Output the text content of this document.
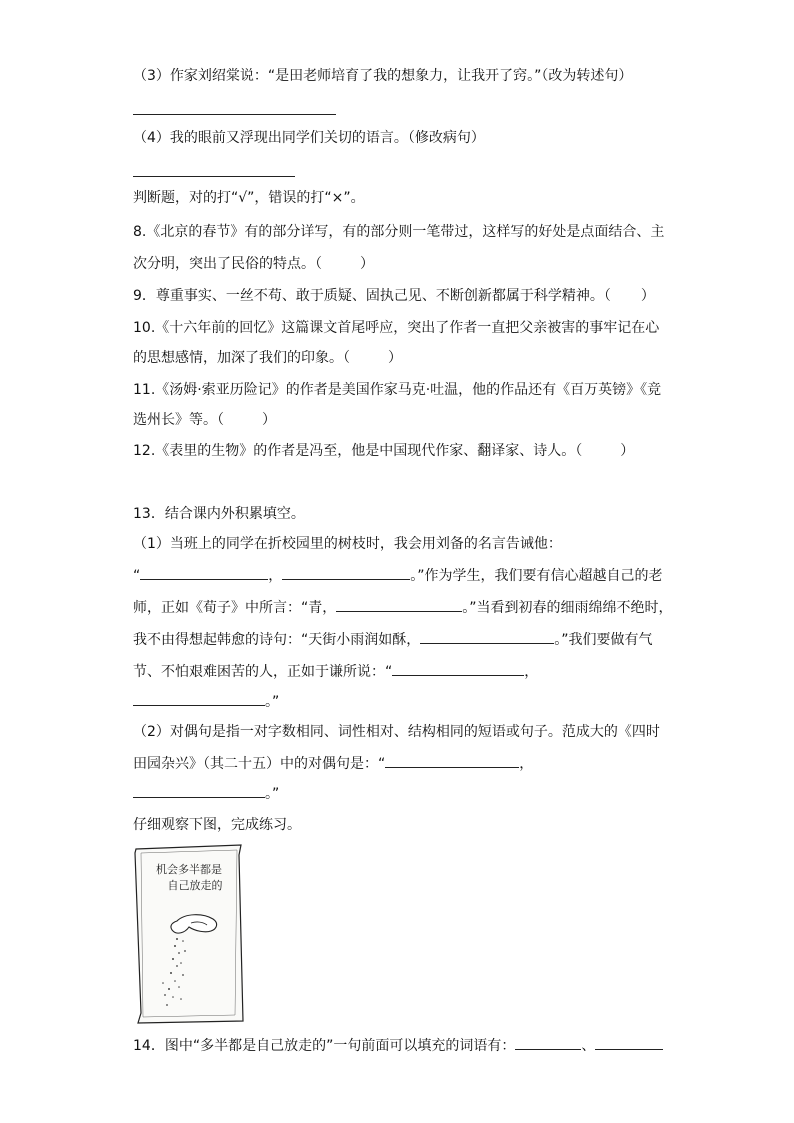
（3）作家刘绍棠说：“是田老师培育了我的想象力，让我开了窍。”（改为转述句）
（4）我的眼前又浮现出同学们关切的语言。（修改病句）
判断题，对的打“√”，错误的打“×”。
8.《北京的春节》有的部分详写，有的部分则一笔带过，这样写的好处是点面结合、主
次分明，突出了民俗的特点。（	）
9．尊重事实、一丝不苟、敢于质疑、固执己见、不断创新都属于科学精神。（ ）
10.《十六年前的回忆》这篇课文首尾呼应，突出了作者一直把父亲被害的事牢记在心
的思想感情，加深了我们的印象。（	）
11.《汤姆·索亚历险记》的作者是美国作家马克·吐温，他的作品还有《百万英镑》《竞
选州长》等。（	）
12.《表里的生物》的作者是冯至，他是中国现代作家、翻译家、诗人。（	）
13．结合课内外积累填空。
（1）当班上的同学在折校园里的树枝时，我会用刘备的名言告诫他：
“	，	。”作为学生，我们要有信心超越自己的老
师，正如《荀子》中所言：“青，	。”当看到初春的细雨绵绵不绝时，
我不由得想起韩愈的诗句：“天街小雨润如酥，	。”我们要做有气
节、不怕艰难困苦的人，正如于谦所说：“	，
。”
（2）对偶句是指一对字数相同、词性相对、结构相同的短语或句子。范成大的《四时
田园杂兴》（其二十五）中的对偶句是：“	，
。”
仔细观察下图，完成练习。
机会多半都是
自己放走的
14．图中“多半都是自己放走的”一句前面可以填充的词语有：	、
